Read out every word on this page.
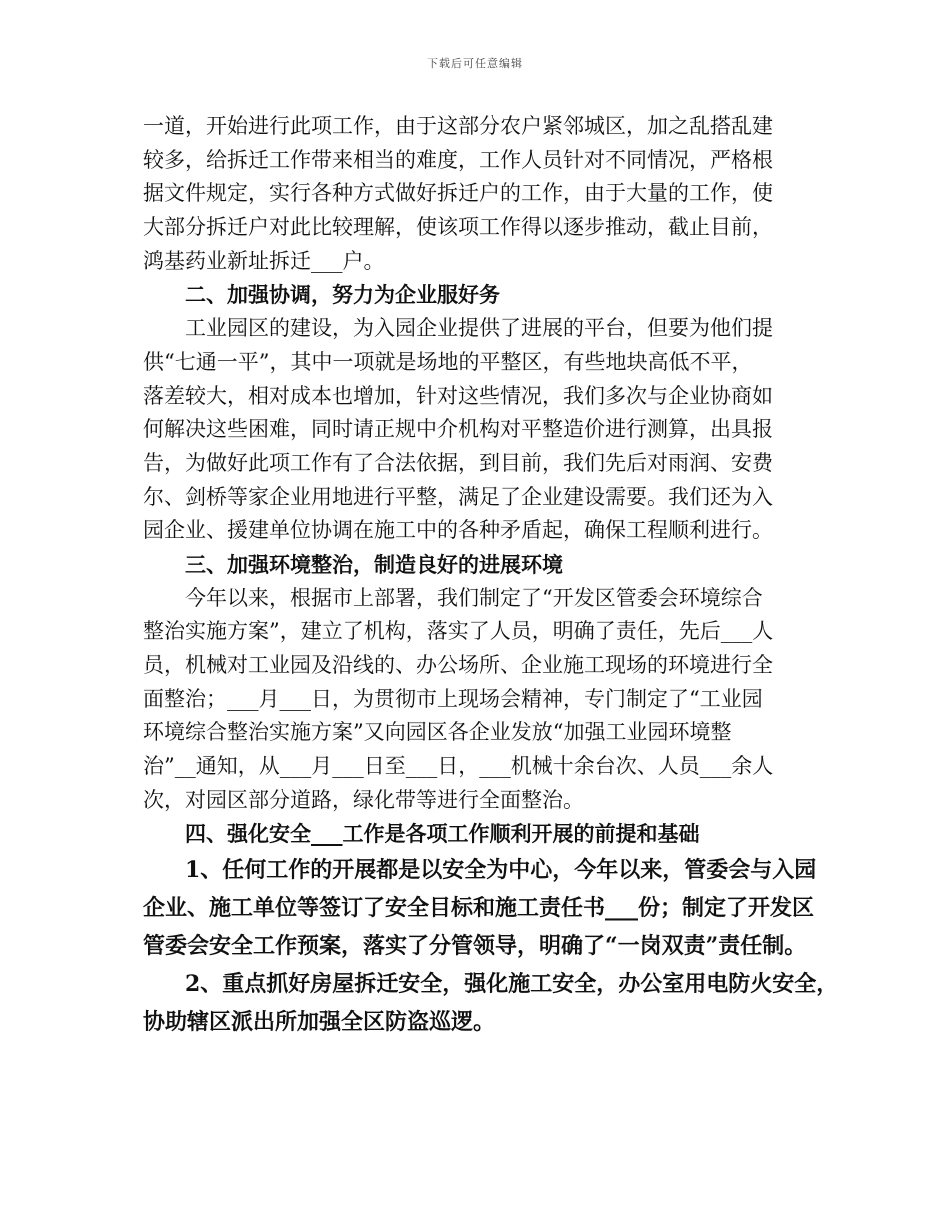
下载后可任意编辑
一道，开始进行此项工作，由于这部分农户紧邻城区，加之乱搭乱建
较多，给拆迁工作带来相当的难度，工作人员针对不同情况，严格根
据文件规定，实行各种方式做好拆迁户的工作，由于大量的工作，使
大部分拆迁户对此比较理解，使该项工作得以逐步推动，截止目前，
鸿基药业新址拆迁___户。
二、加强协调，努力为企业服好务
工业园区的建设，为入园企业提供了进展的平台，但要为他们提
供“七通一平”，其中一项就是场地的平整区，有些地块高低不平，
落差较大，相对成本也增加，针对这些情况，我们多次与企业协商如
何解决这些困难，同时请正规中介机构对平整造价进行测算，出具报
告，为做好此项工作有了合法依据，到目前，我们先后对雨润、安费
尔、剑桥等家企业用地进行平整，满足了企业建设需要。我们还为入
园企业、援建单位协调在施工中的各种矛盾起，确保工程顺利进行。
三、加强环境整治，制造良好的进展环境
今年以来，根据市上部署，我们制定了“开发区管委会环境综合
整治实施方案”，建立了机构，落实了人员，明确了责任，先后___人
员，机械对工业园及沿线的、办公场所、企业施工现场的环境进行全
面整治；___月___日，为贯彻市上现场会精神，专门制定了“工业园
环境综合整治实施方案”又向园区各企业发放“加强工业园环境整
治”__通知，从___月___日至___日，___机械十余台次、人员___余人
次，对园区部分道路，绿化带等进行全面整治。
四、强化安全___工作是各项工作顺利开展的前提和基础
1、任何工作的开展都是以安全为中心，今年以来，管委会与入园
企业、施工单位等签订了安全目标和施工责任书___份；制定了开发区
管委会安全工作预案，落实了分管领导，明确了“一岗双责”责任制。
2、重点抓好房屋拆迁安全，强化施工安全，办公室用电防火安全，
协助辖区派出所加强全区防盗巡逻。
